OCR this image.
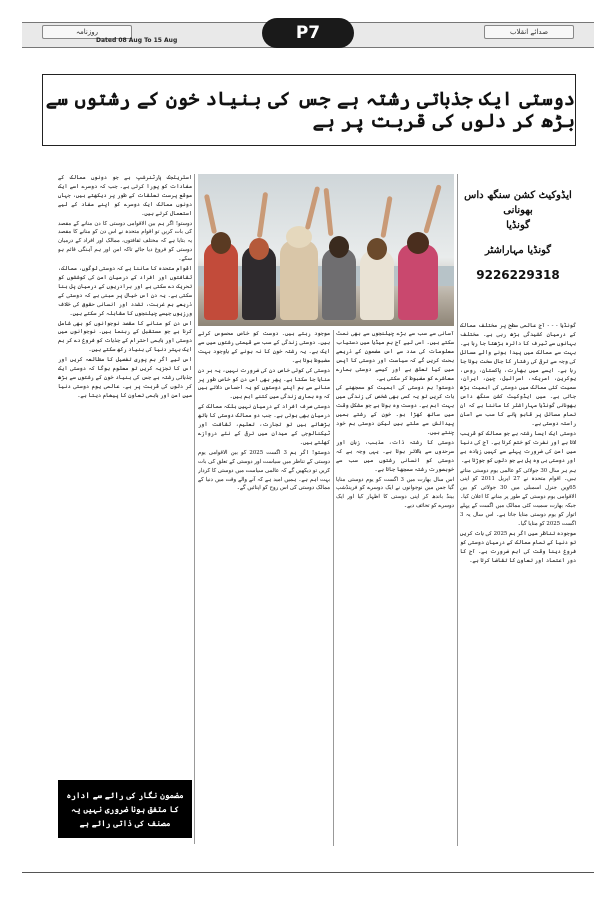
روزنامہ	صدائے انقلاب
Dated 08 Aug To 15 Aug	P7
دوستی ایک جذباتی رشتہ ہے جس کی بنیاد خون کے رشتوں سے بڑھ کر دلوں کی قربت پر ہے
ایڈوکیٹ کشن سنگھ داس بھونانی
گونڈیا
گونڈیا مہاراشٹر
9226229318

گونڈیا - - - آج عالمی سطح پر مختلف ممالک کے درمیان کشیدگی بڑھ رہی ہے۔ مختلف بہانوں سے ٹیرف کا دائرہ بڑھتا جا رہا ہے۔ بہت سے ممالک میں پیدا ہونے والے مسائل کی وجہ سے ترقی کی رفتار کا جال سخت ہوتا جا رہا ہے۔ ایسے میں بھارت، پاکستان، روس، یوکرین، امریکہ، اسرائیل، چین، ایران، سمیت کئی ممالک میں دوستی کی اہمیت بڑھ جاتی ہے۔ میں ایڈوکیٹ کشن سنگھ داس بھونانی گونڈیا مہاراشٹر کا ماننا ہے کہ ان تمام مسائل پر قابو پانے کا سب سے آسان راستہ دوستی ہے۔

دوستی ایک ایسا رشتہ ہے جو ممالک کو قریب لاتا ہے اور نفرت کو ختم کرتا ہے۔ آج کی دنیا میں امن کی ضرورت پہلے سے کہیں زیادہ ہے اور دوستی ہی وہ پل ہے جو دلوں کو جوڑتا ہے۔

ہم ہر سال 30 جولائی کو عالمی یوم دوستی مناتے ہیں۔ اقوام متحدہ نے 27 اپریل 2011 کو اپنی 65ویں جنرل اسمبلی میں 30 جولائی کو بین الاقوامی یوم دوستی کے طور پر منانے کا اعلان کیا۔ جبکہ بھارت سمیت کئی ممالک میں اگست کے پہلے اتوار کو یوم دوستی منایا جاتا ہے۔ اس سال یہ 3 اگست 2025 کو منایا گیا۔

موجودہ تناظر میں اگر ہم 2025 کی بات کریں تو دنیا کے تمام ممالک کے درمیان دوستی کو فروغ دینا وقت کی اہم ضرورت ہے۔ آج کا دور اعتماد اور تعاون کا تقاضا کرتا ہے۔

آسانی سے سب سے بڑے چیلنجوں سے بھی نمٹ سکتے ہیں۔ اسی لیے آج ہم میڈیا میں دستیاب معلومات کی مدد سے اس مضمون کے ذریعے بحث کریں گے کہ سیاست اور دوستی کا آپس میں کیا تعلق ہے اور کیسے دوستی ہمارے معاشرے کو مضبوط کر سکتی ہے۔

دوستو! ہم دوستی کی اہمیت کو سمجھنے کی بات کریں تو یہ کسی بھی شخص کی زندگی میں بہت اہم ہے۔ دوست وہ ہوتا ہے جو مشکل وقت میں ساتھ کھڑا ہو۔ خون کے رشتے ہمیں پیدائش سے ملتے ہیں لیکن دوستی ہم خود چنتے ہیں۔

دوستی کا رشتہ ذات، مذہب، زبان اور سرحدوں سے بالاتر ہوتا ہے۔ یہی وجہ ہے کہ دوستی کو انسانی رشتوں میں سب سے خوبصورت رشتہ سمجھا جاتا ہے۔

اس سال بھارت میں 3 اگست کو یوم دوستی منایا گیا جس میں نوجوانوں نے ایک دوسرے کو فرینڈشپ بینڈ باندھ کر اپنی دوستی کا اظہار کیا اور ایک دوسرے کو تحائف دیے۔

موجود رہتے ہیں۔ دوست کو خاص محسوس کرتے ہیں۔ دوستی زندگی کے سب سے قیمتی رشتوں میں سے ایک ہے۔ یہ رشتہ خون کا نہ ہونے کے باوجود بہت مضبوط ہوتا ہے۔

دوستی کی کوئی خاص دن کی ضرورت نہیں، یہ ہر دن منایا جا سکتا ہے۔ پھر بھی اس دن کو خاص طور پر منانے سے ہم اپنے دوستوں کو یہ احساس دلاتے ہیں کہ وہ ہماری زندگی میں کتنے اہم ہیں۔

دوستی صرف افراد کے درمیان نہیں بلکہ ممالک کے درمیان بھی ہوتی ہے۔ جب دو ممالک دوستی کا ہاتھ بڑھاتے ہیں تو تجارت، تعلیم، ثقافت اور ٹیکنالوجی کے میدان میں ترقی کے نئے دروازے کھلتے ہیں۔

دوستو! اگر ہم 3 اگست 2025 کو بین الاقوامی یوم دوستی کے تناظر میں سیاست اور دوستی کے تعلق کی بات کریں تو دیکھیں گے کہ عالمی سیاست میں دوستی کا کردار بہت اہم ہے۔ ہمیں امید ہے کہ آنے والے وقت میں دنیا کے ممالک دوستی کی اس روح کو اپنائیں گے۔

اسٹریٹجک پارٹنرشپ ہے جو دونوں ممالک کے مفادات کو پورا کرتی ہے۔ جب کہ دوسرے اسے ایک موقع پرست تعلقات کے طور پر دیکھتے ہیں، جہاں دونوں ممالک ایک دوسرے کو اپنے مفاد کے لیے استعمال کرتے ہیں۔

دوستو! اگر ہم بین الاقوامی دوستی کا دن منانے کے مقصد کی بات کریں تو اقوام متحدہ نے اس دن کو منانے کا مقصد یہ بتایا ہے کہ مختلف ثقافتوں، ممالک اور افراد کے درمیان دوستی کو فروغ دیا جائے تاکہ امن اور ہم آہنگی قائم ہو سکے۔

اقوام متحدہ کا ماننا ہے کہ دوستی لوگوں، ممالک، ثقافتوں اور افراد کے درمیان امن کی کوششوں کو تحریک دے سکتی ہے اور برادریوں کے درمیان پل بنا سکتی ہے۔ یہ دن اس خیال پر مبنی ہے کہ دوستی کے ذریعے ہم غربت، تشدد اور انسانی حقوق کی خلاف ورزیوں جیسے چیلنجوں کا مقابلہ کر سکتے ہیں۔

اس دن کو منانے کا مقصد نوجوانوں کو بھی شامل کرنا ہے جو مستقبل کے رہنما ہیں۔ نوجوانوں میں دوستی اور باہمی احترام کے جذبات کو فروغ دے کر ہم ایک بہتر دنیا کی بنیاد رکھ سکتے ہیں۔

اس لیے اگر ہم پوری تفصیل کا مطالعہ کریں اور اس کا تجزیہ کریں تو معلوم ہوگا کہ دوستی ایک جذباتی رشتہ ہے جس کی بنیاد خون کے رشتوں سے بڑھ کر دلوں کی قربت پر ہے۔ عالمی یوم دوستی دنیا میں امن اور باہمی تعاون کا پیغام دیتا ہے۔

مضمون نگار کی رائے سے ادارہ کا متفق ہونا ضروری نہیں یہ مصنف کی ذاتی رائے ہے
